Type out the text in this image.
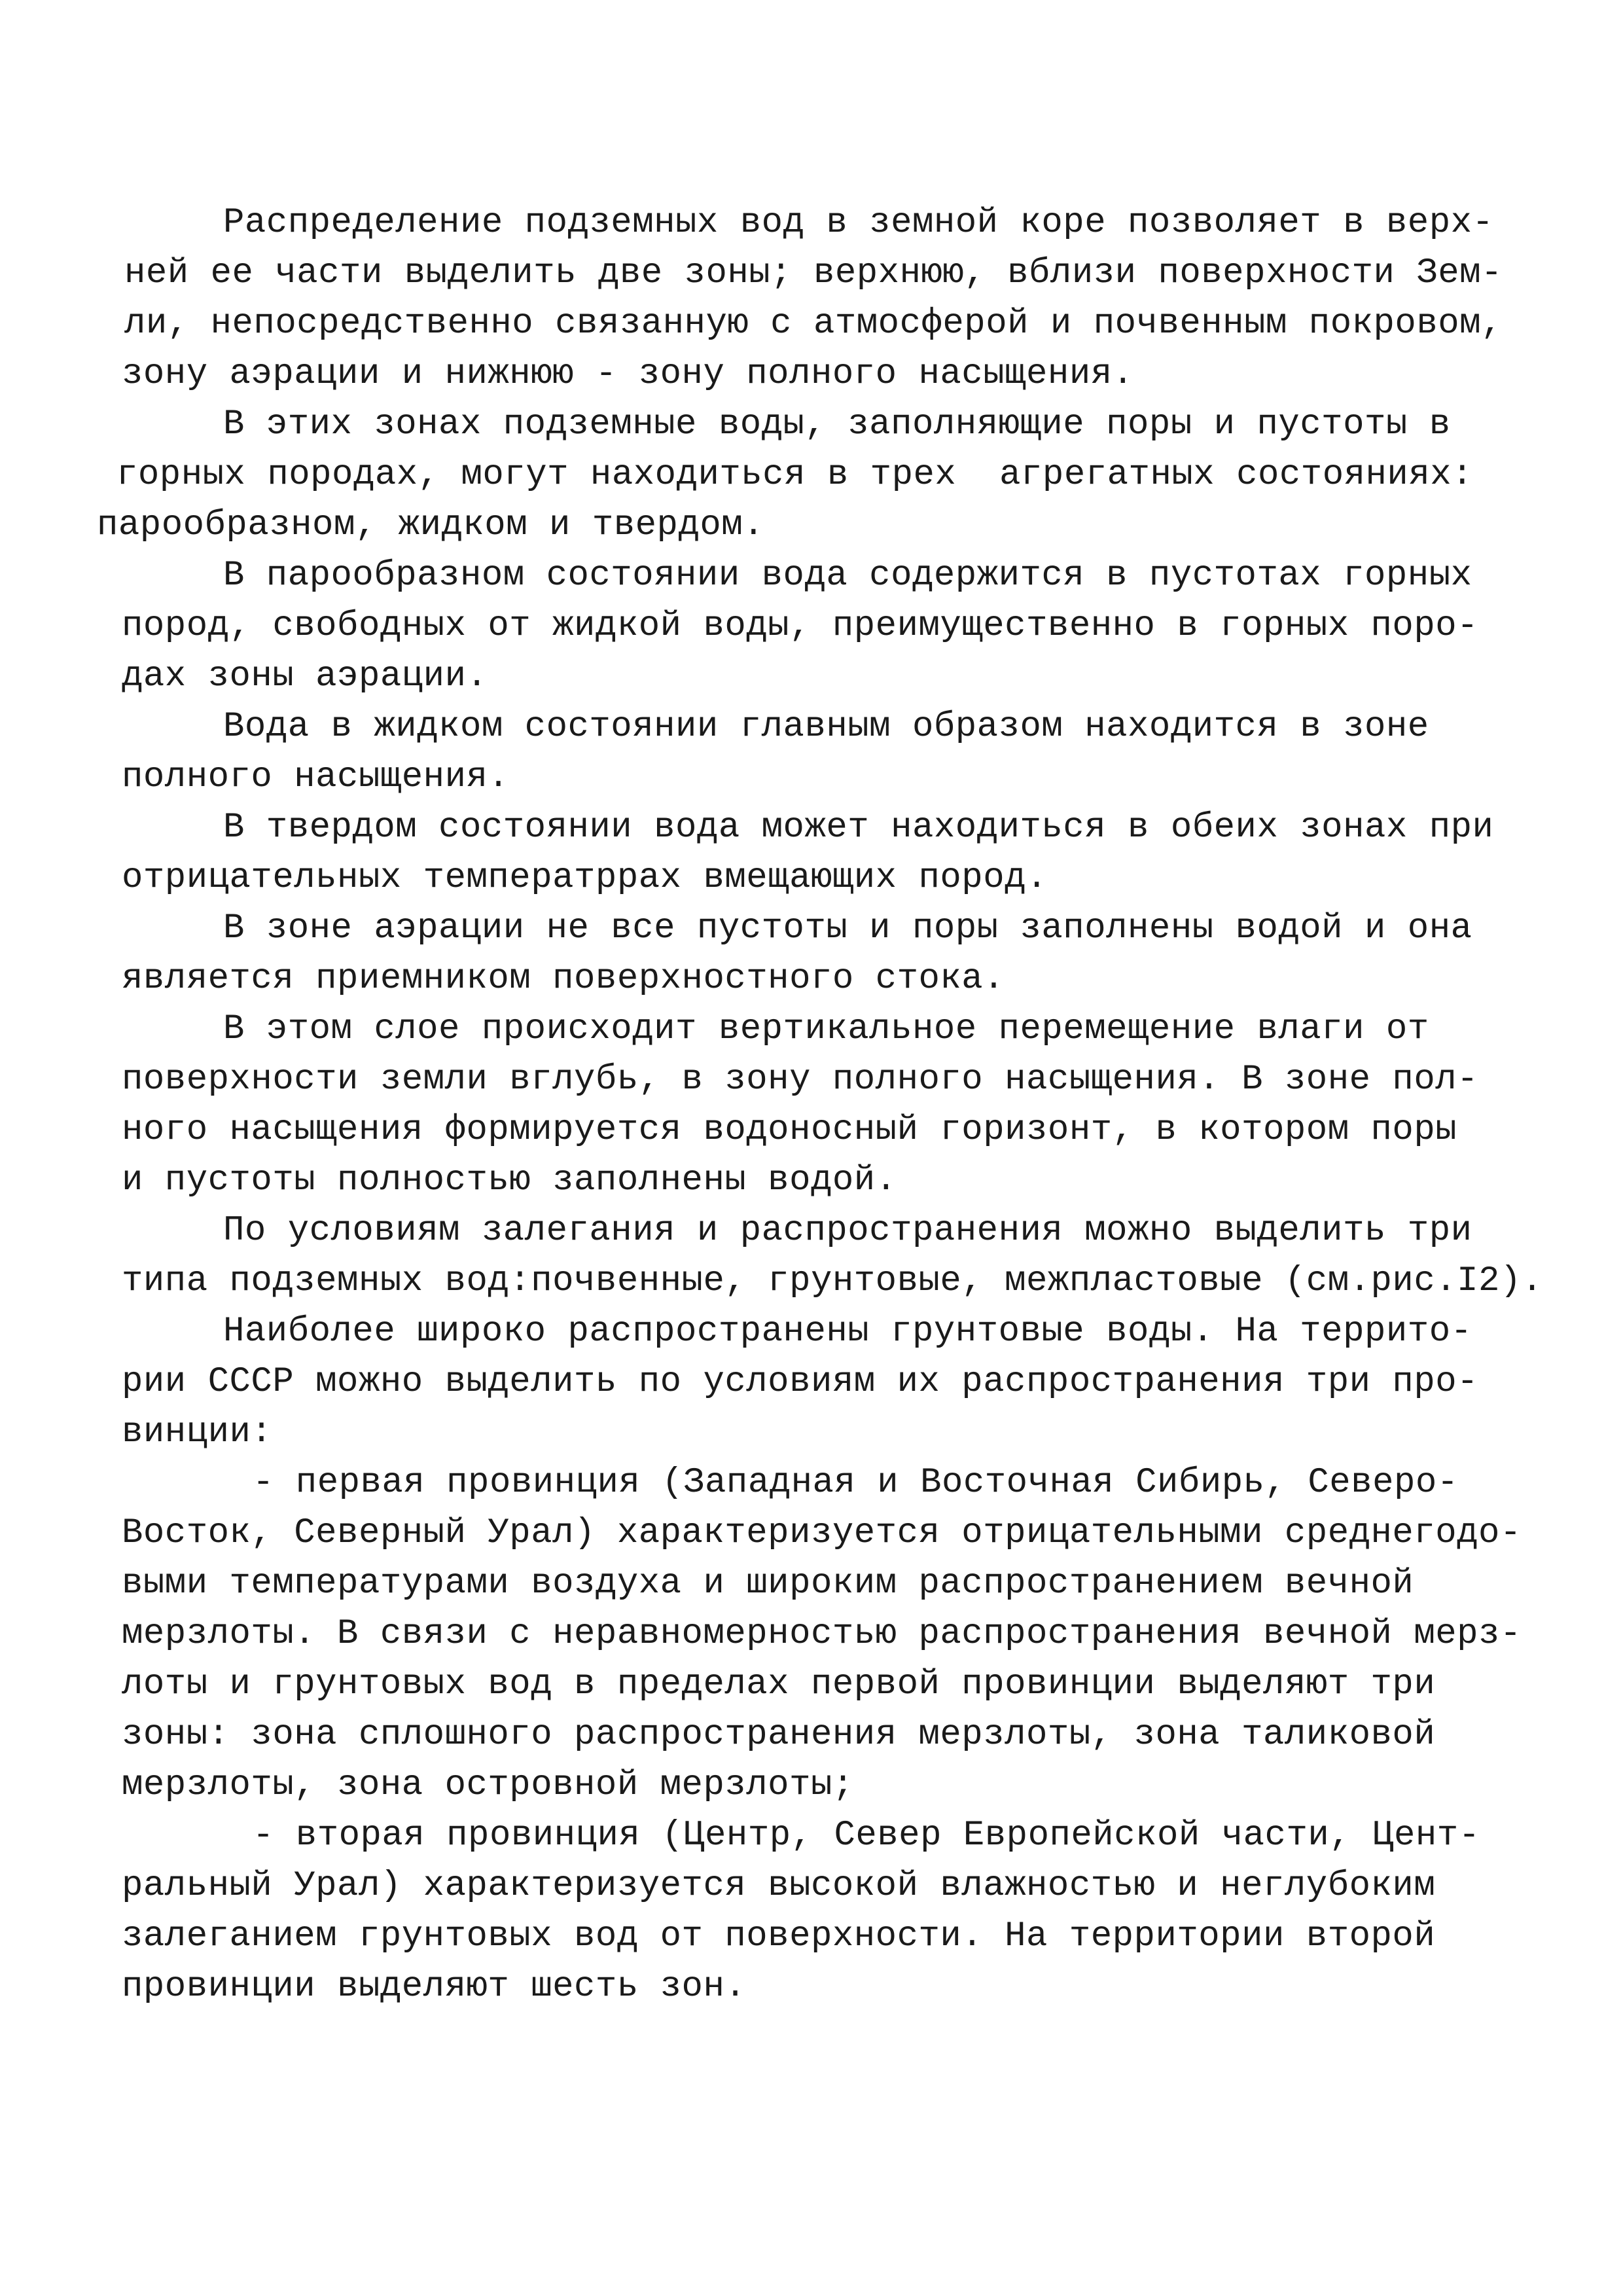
Распределение подземных вод в земной коре позволяет в верх-
ней ее части выделить две зоны; верхнюю, вблизи поверхности Зем-
ли, непосредственно связанную с атмосферой и почвенным покровом,
зону аэрации и нижнюю - зону полного насыщения.
В этих зонах подземные воды, заполняющие поры и пустоты в
горных породах, могут находиться в трех  агрегатных состояниях:
парообразном, жидком и твердом.
В парообразном состоянии вода содержится в пустотах горных
пород, свободных от жидкой воды, преимущественно в горных поро-
дах зоны аэрации.
Вода в жидком состоянии главным образом находится в зоне
полного насыщения.
В твердом состоянии вода может находиться в обеих зонах при
отрицательных температррах вмещающих пород.
В зоне аэрации не все пустоты и поры заполнены водой и она
является приемником поверхностного стока.
В этом слое происходит вертикальное перемещение влаги от
поверхности земли вглубь, в зону полного насыщения. В зоне пол-
ного насыщения формируется водоносный горизонт, в котором поры
и пустоты полностью заполнены водой.
По условиям залегания и распространения можно выделить три
типа подземных вод:почвенные, грунтовые, межпластовые (см.рис.I2).
Наиболее широко распространены грунтовые воды. На террито-
рии СССР можно выделить по условиям их распространения три про-
винции:
- первая провинция (Западная и Восточная Сибирь, Северо-
Восток, Северный Урал) характеризуется отрицательными среднегодо-
выми температурами воздуха и широким распространением вечной
мерзлоты. В связи с неравномерностью распространения вечной мерз-
лоты и грунтовых вод в пределах первой провинции выделяют три
зоны: зона сплошного распространения мерзлоты, зона таликовой
мерзлоты, зона островной мерзлоты;
- вторая провинция (Центр, Север Европейской части, Цент-
ральный Урал) характеризуется высокой влажностью и неглубоким
залеганием грунтовых вод от поверхности. На территории второй
провинции выделяют шесть зон.
